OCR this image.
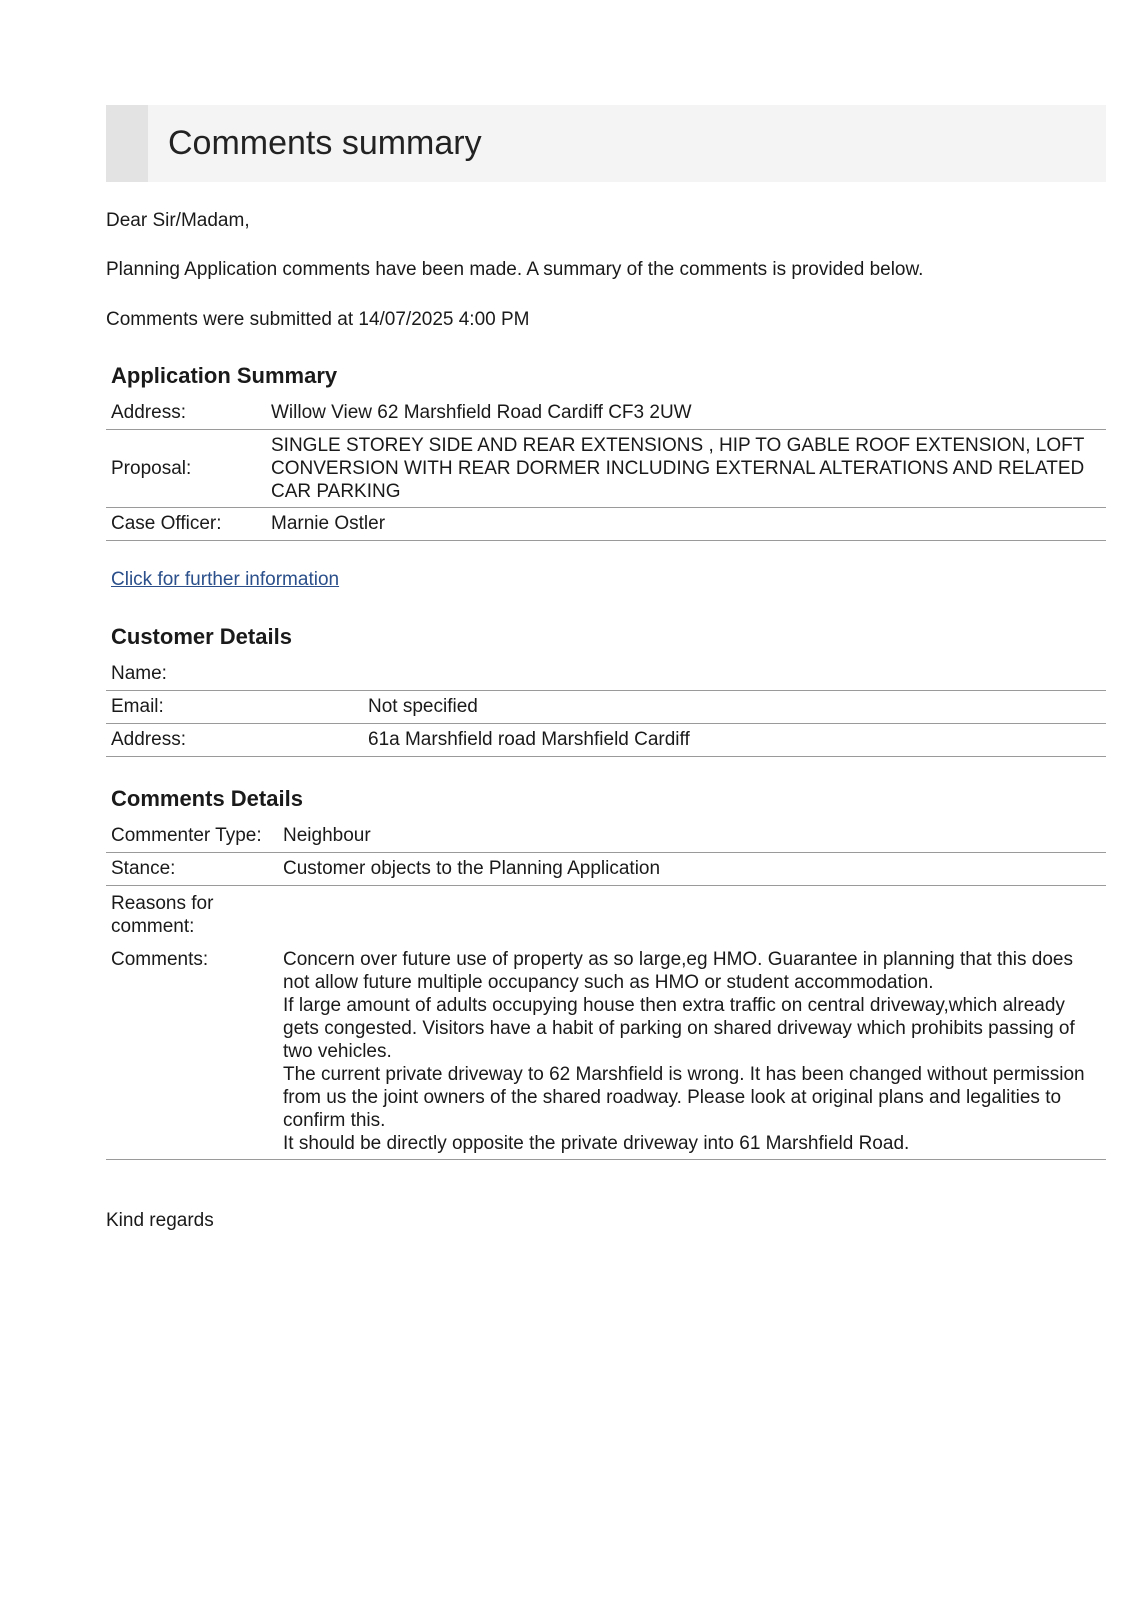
Comments summary

Dear Sir/Madam,

Planning Application comments have been made. A summary of the comments is provided below.

Comments were submitted at 14/07/2025 4:00 PM

Application Summary
Address:	Willow View 62 Marshfield Road Cardiff CF3 2UW
Proposal:	SINGLE STOREY SIDE AND REAR EXTENSIONS , HIP TO GABLE ROOF EXTENSION, LOFT CONVERSION WITH REAR DORMER INCLUDING EXTERNAL ALTERATIONS AND RELATED CAR PARKING
Case Officer:	Marnie Ostler
Click for further information
Customer Details
Name:	
Email:	Not specified
Address:	61a Marshfield road Marshfield Cardiff
Comments Details
Commenter Type:	Neighbour
Stance:	Customer objects to the Planning Application
Reasons for comment:	
Comments:	Concern over future use of property as so large,eg HMO. Guarantee in planning that this does not allow future multiple occupancy such as HMO or student accommodation.
If large amount of adults occupying house then extra traffic on central driveway,which already gets congested. Visitors have a habit of parking on shared driveway which prohibits passing of two vehicles.
The current private driveway to 62 Marshfield is wrong. It has been changed without permission from us the joint owners of the shared roadway. Please look at original plans and legalities to confirm this.
It should be directly opposite the private driveway into 61 Marshfield Road.

Kind regards
